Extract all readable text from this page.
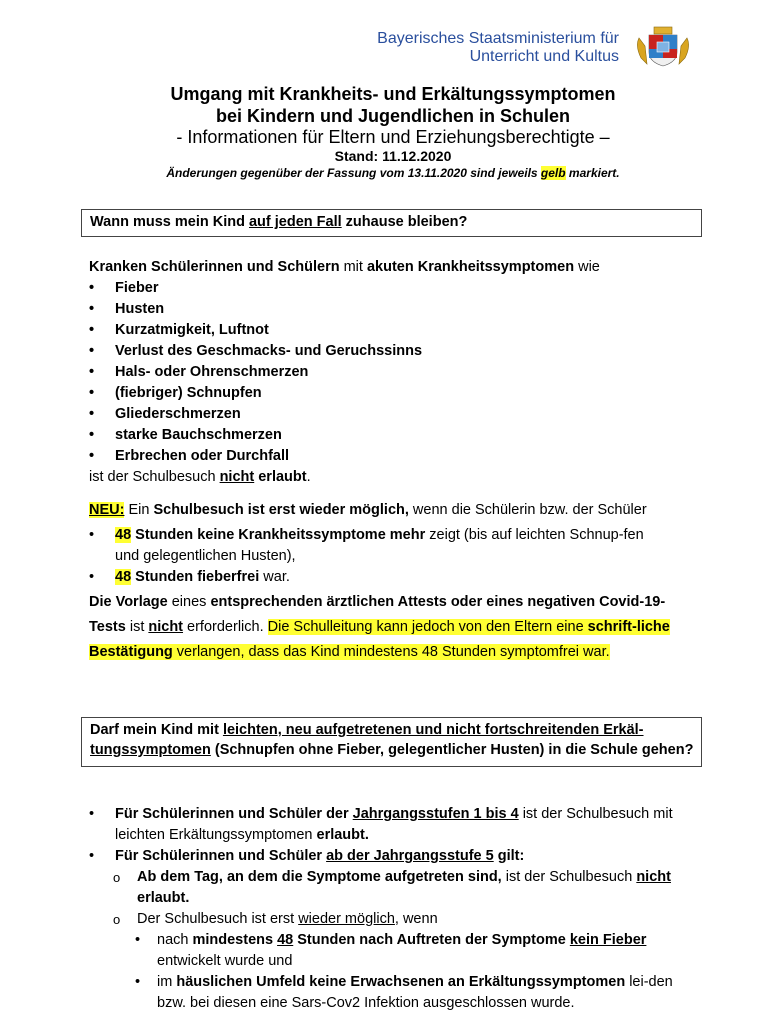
Bayerisches Staatsministerium für
Unterricht und Kultus
Umgang mit Krankheits- und Erkältungssymptomen
bei Kindern und Jugendlichen in Schulen
- Informationen für Eltern und Erziehungsberechtigte –
Stand: 11.12.2020
Änderungen gegenüber der Fassung vom 13.11.2020 sind jeweils gelb markiert.
Wann muss mein Kind auf jeden Fall zuhause bleiben?
Kranken Schülerinnen und Schülern mit akuten Krankheitssymptomen wie
• Fieber
• Husten
• Kurzatmigkeit, Luftnot
• Verlust des Geschmacks- und Geruchssinns
• Hals- oder Ohrenschmerzen
• (fiebriger) Schnupfen
• Gliederschmerzen
• starke Bauchschmerzen
• Erbrechen oder Durchfall
ist der Schulbesuch nicht erlaubt.
NEU: Ein Schulbesuch ist erst wieder möglich, wenn die Schülerin bzw. der Schüler
• 48 Stunden keine Krankheitssymptome mehr zeigt (bis auf leichten Schnup-fen und gelegentlichen Husten),
• 48 Stunden fieberfrei war.
Die Vorlage eines entsprechenden ärztlichen Attests oder eines negativen Covid-19-Tests ist nicht erforderlich. Die Schulleitung kann jedoch von den Eltern eine schrift-liche Bestätigung verlangen, dass das Kind mindestens 48 Stunden symptomfrei war.
Darf mein Kind mit leichten, neu aufgetretenen und nicht fortschreitenden Erkäl-tungssymptomen (Schnupfen ohne Fieber, gelegentlicher Husten) in die Schule gehen?
• Für Schülerinnen und Schüler der Jahrgangsstufen 1 bis 4 ist der Schulbesuch mit leichten Erkältungssymptomen erlaubt.
• Für Schülerinnen und Schüler ab der Jahrgangsstufe 5 gilt:
o Ab dem Tag, an dem die Symptome aufgetreten sind, ist der Schulbesuch nicht erlaubt.
o Der Schulbesuch ist erst wieder möglich, wenn
• nach mindestens 48 Stunden nach Auftreten der Symptome kein Fieber entwickelt wurde und
• im häuslichen Umfeld keine Erwachsenen an Erkältungssymptomen lei-den bzw. bei diesen eine Sars-Cov2 Infektion ausgeschlossen wurde.
